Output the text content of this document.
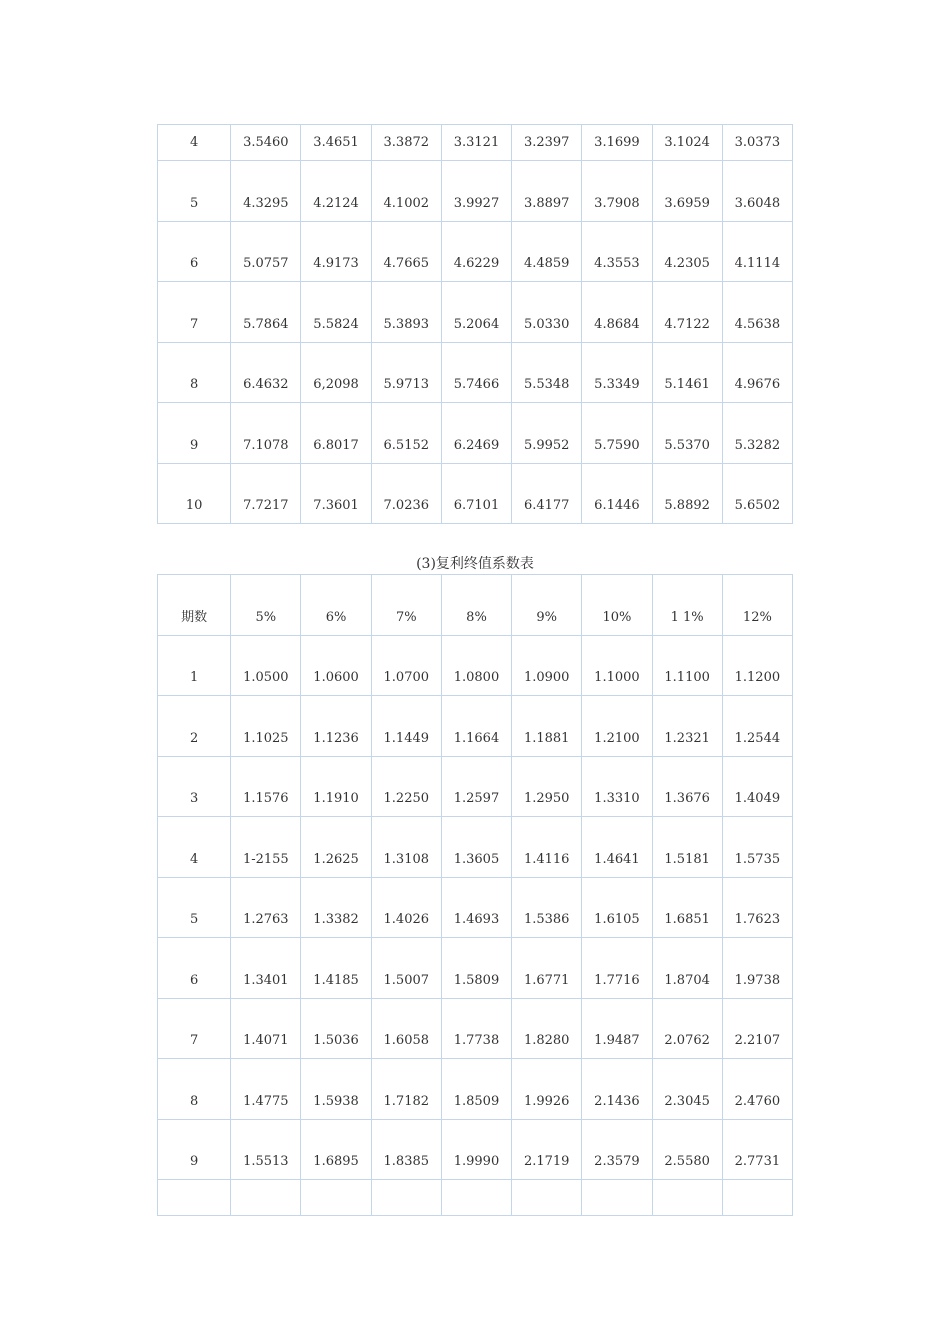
4	3.5460	3.4651	3.3872	3.3121	3.2397	3.1699	3.1024	3.0373
5	4.3295	4.2124	4.1002	3.9927	3.8897	3.7908	3.6959	3.6048
6	5.0757	4.9173	4.7665	4.6229	4.4859	4.3553	4.2305	4.1114
7	5.7864	5.5824	5.3893	5.2064	5.0330	4.8684	4.7122	4.5638
8	6.4632	6,2098	5.9713	5.7466	5.5348	5.3349	5.1461	4.9676
9	7.1078	6.8017	6.5152	6.2469	5.9952	5.7590	5.5370	5.3282
10	7.7217	7.3601	7.0236	6.7101	6.4177	6.1446	5.8892	5.6502
(3)复利终值系数表
期数	5%	6%	7%	8%	9%	10%	1 1%	12%
1	1.0500	1.0600	1.0700	1.0800	1.0900	1.1000	1.1100	1.1200
2	1.1025	1.1236	1.1449	1.1664	1.1881	1.2100	1.2321	1.2544
3	1.1576	1.1910	1.2250	1.2597	1.2950	1.3310	1.3676	1.4049
4	1-2155	1.2625	1.3108	1.3605	1.4116	1.4641	1.5181	1.5735
5	1.2763	1.3382	1.4026	1.4693	1.5386	1.6105	1.6851	1.7623
6	1.3401	1.4185	1.5007	1.5809	1.6771	1.7716	1.8704	1.9738
7	1.4071	1.5036	1.6058	1.7738	1.8280	1.9487	2.0762	2.2107
8	1.4775	1.5938	1.7182	1.8509	1.9926	2.1436	2.3045	2.4760
9	1.5513	1.6895	1.8385	1.9990	2.1719	2.3579	2.5580	2.7731
